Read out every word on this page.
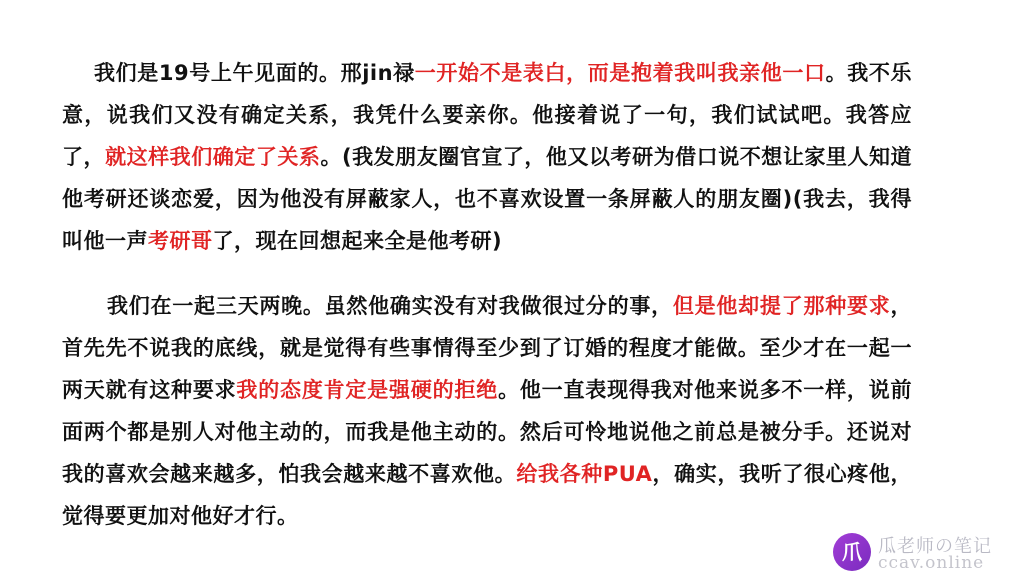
我们是19号上午见面的。邢jin禄一开始不是表白，而是抱着我叫我亲他一口。我不乐意，说我们又没有确定关系，我凭什么要亲你。他接着说了一句，我们试试吧。我答应了，就这样我们确定了关系。(我发朋友圈官宣了，他又以考研为借口说不想让家里人知道他考研还谈恋爱，因为他没有屏蔽家人，也不喜欢设置一条屏蔽人的朋友圈)(我去，我得叫他一声考研哥了，现在回想起来全是他考研)

我们在一起三天两晚。虽然他确实没有对我做很过分的事，但是他却提了那种要求，首先先不说我的底线，就是觉得有些事情得至少到了订婚的程度才能做。至少才在一起一两天就有这种要求我的态度肯定是强硬的拒绝。他一直表现得我对他来说多不一样，说前面两个都是别人对他主动的，而我是他主动的。然后可怜地说他之前总是被分手。还说对我的喜欢会越来越多，怕我会越来越不喜欢他。给我各种PUA，确实，我听了很心疼他，觉得要更加对他好才行。

爪 瓜老师の笔记
ccav.online
